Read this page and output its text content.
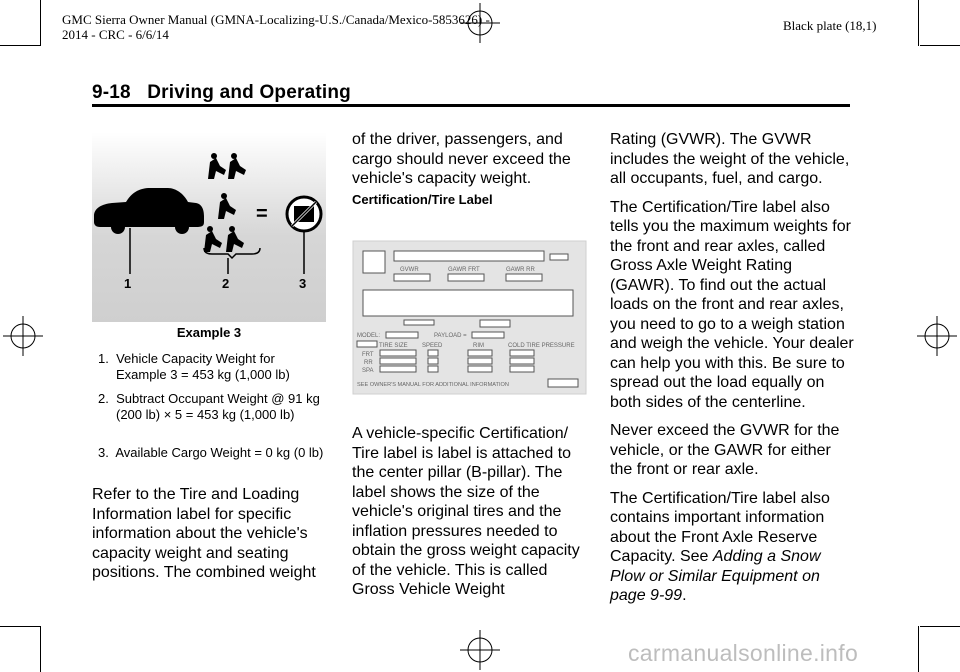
GMC Sierra Owner Manual (GMNA-Localizing-U.S./Canada/Mexico-5853626) - 2014 - CRC - 6/6/14
Black plate (18,1)
9-18 Driving and Operating
–	=
1	2	3
Example 3
1. Vehicle Capacity Weight for Example 3 = 453 kg (1,000 lb)
2. Subtract Occupant Weight @ 91 kg (200 lb) × 5 = 453 kg (1,000 lb)
3. Available Cargo Weight = 0 kg (0 lb)

Refer to the Tire and Loading Information label for specific information about the vehicle's capacity weight and seating positions. The combined weight

of the driver, passengers, and cargo should never exceed the vehicle's capacity weight.

Certification/Tire Label
GVWR	GAWR FRT	GAWR RR
MODEL:	PAYLOAD =
TIRE SIZE SPEED	RIM	COLD TIRE PRESSURE
FRT
RR
SPA
SEE OWNER'S MANUAL FOR ADDITIONAL INFORMATION

A vehicle-specific Certification/ Tire label is label is attached to the center pillar (B-pillar). The label shows the size of the vehicle's original tires and the inflation pressures needed to obtain the gross weight capacity of the vehicle. This is called Gross Vehicle Weight

Rating (GVWR). The GVWR includes the weight of the vehicle, all occupants, fuel, and cargo.

The Certification/Tire label also tells you the maximum weights for the front and rear axles, called Gross Axle Weight Rating (GAWR). To find out the actual loads on the front and rear axles, you need to go to a weigh station and weigh the vehicle. Your dealer can help you with this. Be sure to spread out the load equally on both sides of the centerline.

Never exceed the GVWR for the vehicle, or the GAWR for either the front or rear axle.

The Certification/Tire label also contains important information about the Front Axle Reserve Capacity. See Adding a Snow Plow or Similar Equipment on page 9-99.

carmanualsonline.info
